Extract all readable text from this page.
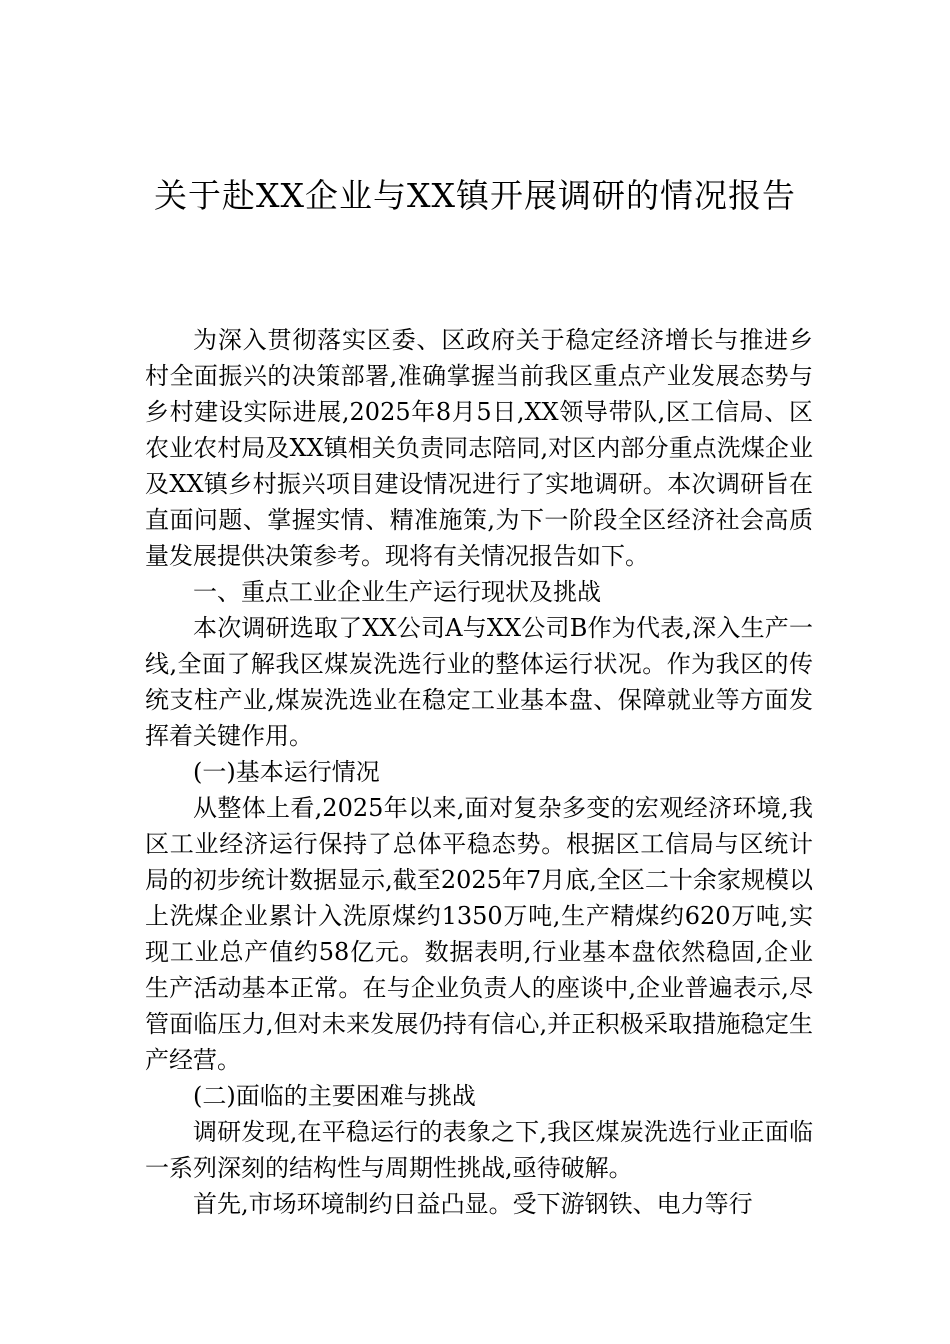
关于赴XX企业与XX镇开展调研的情况报告

为深入贯彻落实区委、区政府关于稳定经济增长与推进乡村全面振兴的决策部署,准确掌握当前我区重点产业发展态势与乡村建设实际进展,2025年8月5日,XX领导带队,区工信局、区农业农村局及XX镇相关负责同志陪同,对区内部分重点洗煤企业及XX镇乡村振兴项目建设情况进行了实地调研。本次调研旨在直面问题、掌握实情、精准施策,为下一阶段全区经济社会高质量发展提供决策参考。现将有关情况报告如下。

一、重点工业企业生产运行现状及挑战

本次调研选取了XX公司A与XX公司B作为代表,深入生产一线,全面了解我区煤炭洗选行业的整体运行状况。作为我区的传统支柱产业,煤炭洗选业在稳定工业基本盘、保障就业等方面发挥着关键作用。

(一)基本运行情况

从整体上看,2025年以来,面对复杂多变的宏观经济环境,我区工业经济运行保持了总体平稳态势。根据区工信局与区统计局的初步统计数据显示,截至2025年7月底,全区二十余家规模以上洗煤企业累计入洗原煤约1350万吨,生产精煤约620万吨,实现工业总产值约58亿元。数据表明,行业基本盘依然稳固,企业生产活动基本正常。在与企业负责人的座谈中,企业普遍表示,尽管面临压力,但对未来发展仍持有信心,并正积极采取措施稳定生产经营。

(二)面临的主要困难与挑战

调研发现,在平稳运行的表象之下,我区煤炭洗选行业正面临一系列深刻的结构性与周期性挑战,亟待破解。

首先,市场环境制约日益凸显。受下游钢铁、电力等行
